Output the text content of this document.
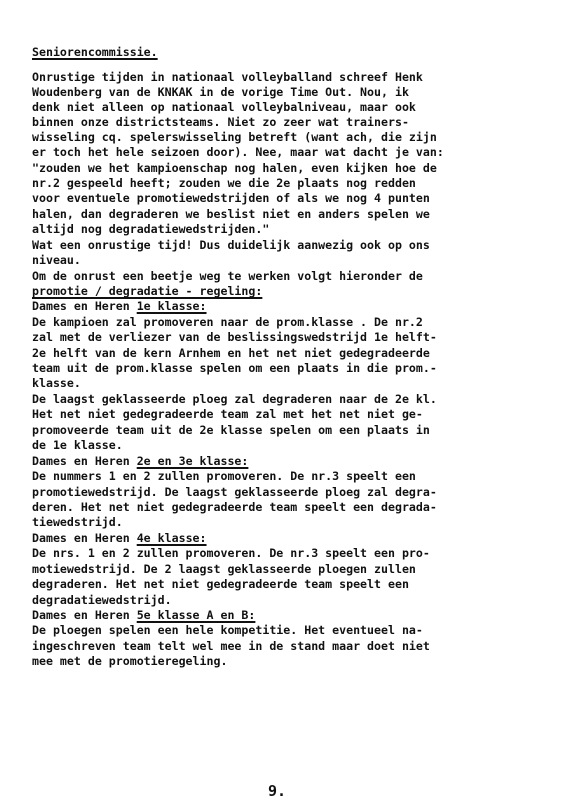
Seniorencommissie.
Onrustige tijden in nationaal volleyballand schreef Henk
Woudenberg van de KNKAK in de vorige Time Out. Nou, ik
denk niet alleen op nationaal volleybalniveau, maar ook
binnen onze districtsteams. Niet zo zeer wat trainers-
wisseling cq. spelerswisseling betreft (want ach, die zijn
er toch het hele seizoen door). Nee, maar wat dacht je van:
"zouden we het kampioenschap nog halen, even kijken hoe de
nr.2 gespeeld heeft; zouden we die 2e plaats nog redden
voor eventuele promotiewedstrijden of als we nog 4 punten
halen, dan degraderen we beslist niet en anders spelen we
altijd nog degradatiewedstrijden."
Wat een onrustige tijd! Dus duidelijk aanwezig ook op ons
niveau.
Om de onrust een beetje weg te werken volgt hieronder de
promotie / degradatie - regeling:
Dames en Heren 1e klasse:
De kampioen zal promoveren naar de prom.klasse . De nr.2
zal met de verliezer van de beslissingswedstrijd 1e helft-
2e helft van de kern Arnhem en het net niet gedegradeerde
team uit de prom.klasse spelen om een plaats in die prom.-
klasse.
De laagst geklasseerde ploeg zal degraderen naar de 2e kl.
Het net niet gedegradeerde team zal met het net niet ge-
promoveerde team uit de 2e klasse spelen om een plaats in
de 1e klasse.
Dames en Heren 2e en 3e klasse:
De nummers 1 en 2 zullen promoveren. De nr.3 speelt een
promotiewedstrijd. De laagst geklasseerde ploeg zal degra-
deren. Het net niet gedegradeerde team speelt een degrada-
tiewedstrijd.
Dames en Heren 4e klasse:
De nrs. 1 en 2 zullen promoveren. De nr.3 speelt een pro-
motiewedstrijd. De 2 laagst geklasseerde ploegen zullen
degraderen. Het net niet gedegradeerde team speelt een
degradatiewedstrijd.
Dames en Heren 5e klasse A en B:
De ploegen spelen een hele kompetitie. Het eventueel na-
ingeschreven team telt wel mee in de stand maar doet niet
mee met de promotieregeling.
9.
